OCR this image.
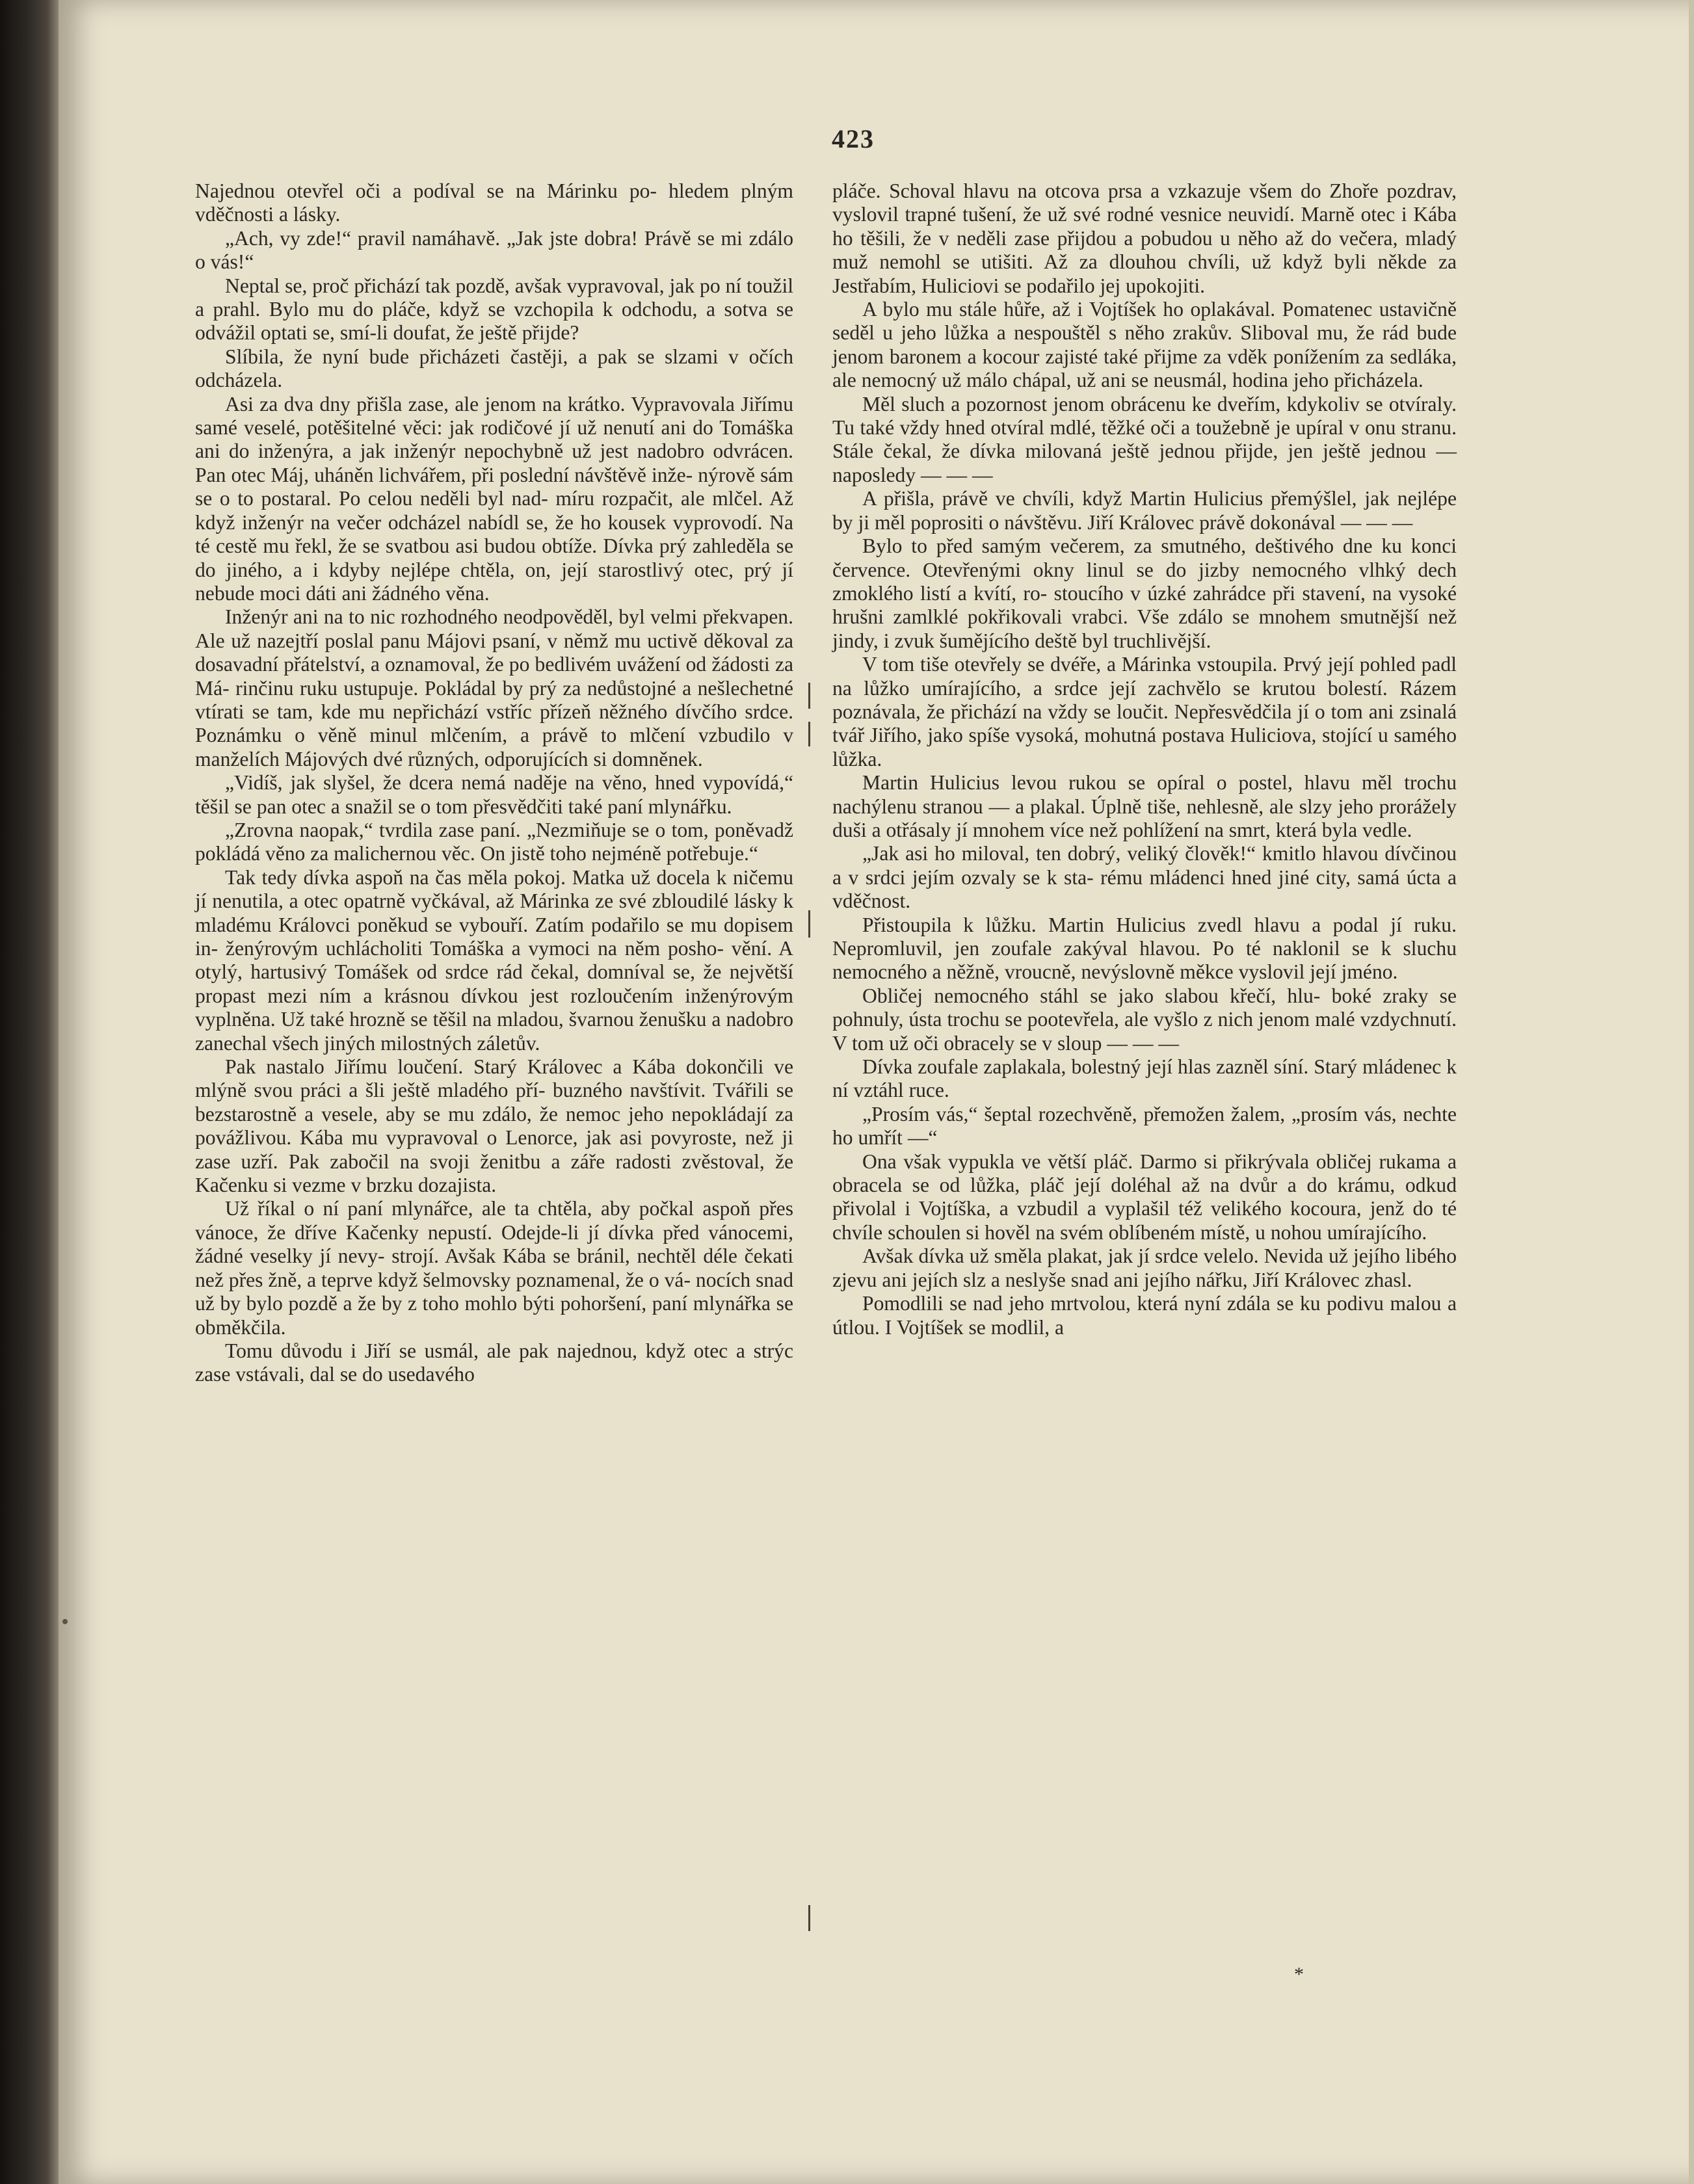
423

Najednou otevřel oči a podíval se na Márinku po- hledem plným vděčnosti a lásky.

„Ach, vy zde!“ pravil namáhavě. „Jak jste dobra! Právě se mi zdálo o vás!“

Neptal se, proč přichází tak pozdě, avšak vypravoval, jak po ní toužil a prahl. Bylo mu do pláče, když se vzchopila k odchodu, a sotva se odvážil optati se, smí-li doufat, že ještě přijde?

Slíbila, že nyní bude přicházeti častěji, a pak se slzami v očích odcházela.

Asi za dva dny přišla zase, ale jenom na krátko. Vypravovala Jiřímu samé veselé, potěšitelné věci: jak rodičové jí už nenutí ani do Tomáška ani do inženýra, a jak inženýr nepochybně už jest nadobro odvrácen. Pan otec Máj, uháněn lichvářem, při poslední návštěvě inže- nýrově sám se o to postaral. Po celou neděli byl nad- míru rozpačit, ale mlčel. Až když inženýr na večer odcházel nabídl se, že ho kousek vyprovodí. Na té cestě mu řekl, že se svatbou asi budou obtíže. Dívka prý zahleděla se do jiného, a i kdyby nejlépe chtěla, on, její starostlivý otec, prý jí nebude moci dáti ani žádného věna.

Inženýr ani na to nic rozhodného neodpověděl, byl velmi překvapen. Ale už nazejtří poslal panu Májovi psaní, v němž mu uctivě děkoval za dosavadní přátelství, a oznamoval, že po bedlivém uvážení od žádosti za Má- rinčinu ruku ustupuje. Pokládal by prý za nedůstojné a nešlechetné vtírati se tam, kde mu nepřichází vstříc přízeň něžného dívčího srdce. Poznámku o věně minul mlčením, a právě to mlčení vzbudilo v manželích Májových dvé různých, odporujících si domněnek.

„Vidíš, jak slyšel, že dcera nemá naděje na věno, hned vypovídá,“ těšil se pan otec a snažil se o tom přesvědčiti také paní mlynářku.

„Zrovna naopak,“ tvrdila zase paní. „Nezmiňuje se o tom, poněvadž pokládá věno za malichernou věc. On jistě toho nejméně potřebuje.“

Tak tedy dívka aspoň na čas měla pokoj. Matka už docela k ničemu jí nenutila, a otec opatrně vyčkával, až Márinka ze své zbloudilé lásky k mladému Královci poněkud se vybouří. Zatím podařilo se mu dopisem in- ženýrovým uchlácholiti Tomáška a vymoci na něm posho- vění. A otylý, hartusivý Tomášek od srdce rád čekal, domníval se, že největší propast mezi ním a krásnou dívkou jest rozloučením inženýrovým vyplněna. Už také hrozně se těšil na mladou, švarnou ženušku a nadobro zanechal všech jiných milostných záletův.

Pak nastalo Jiřímu loučení. Starý Královec a Kába dokončili ve mlýně svou práci a šli ještě mladého pří- buzného navštívit. Tvářili se bezstarostně a vesele, aby se mu zdálo, že nemoc jeho nepokládají za povážlivou. Kába mu vypravoval o Lenorce, jak asi povyroste, než ji zase uzří. Pak zabočil na svoji ženitbu a záře radosti zvěstoval, že Kačenku si vezme v brzku dozajista.

Už říkal o ní paní mlynářce, ale ta chtěla, aby počkal aspoň přes vánoce, že dříve Kačenky nepustí. Odejde-li jí dívka před vánocemi, žádné veselky jí nevy- strojí. Avšak Kába se bránil, nechtěl déle čekati než přes žně, a teprve když šelmovsky poznamenal, že o vá- nocích snad už by bylo pozdě a že by z toho mohlo býti pohoršení, paní mlynářka se obměkčila.

Tomu důvodu i Jiří se usmál, ale pak najednou, když otec a strýc zase vstávali, dal se do usedavého

pláče. Schoval hlavu na otcova prsa a vzkazuje všem do Zhoře pozdrav, vyslovil trapné tušení, že už své rodné vesnice neuvidí. Marně otec i Kába ho těšili, že v neděli zase přijdou a pobudou u něho až do večera, mladý muž nemohl se utišiti. Až za dlouhou chvíli, už když byli někde za Jestřabím, Huliciovi se podařilo jej upokojiti.

A bylo mu stále hůře, až i Vojtíšek ho oplakával. Pomatenec ustavičně seděl u jeho lůžka a nespouštěl s něho zrakův. Sliboval mu, že rád bude jenom baronem a kocour zajisté také přijme za vděk ponížením za sedláka, ale nemocný už málo chápal, už ani se neusmál, hodina jeho přicházela.

Měl sluch a pozornost jenom obrácenu ke dveřím, kdykoliv se otvíraly. Tu také vždy hned otvíral mdlé, těžké oči a toužebně je upíral v onu stranu. Stále čekal, že dívka milovaná ještě jednou přijde, jen ještě jednou — naposledy — — —

A přišla, právě ve chvíli, když Martin Hulicius přemýšlel, jak nejlépe by ji měl poprositi o návštěvu. Jiří Královec právě dokonával — — —

Bylo to před samým večerem, za smutného, deštivého dne ku konci července. Otevřenými okny linul se do jizby nemocného vlhký dech zmoklého listí a kvítí, ro- stoucího v úzké zahrádce při stavení, na vysoké hrušni zamlklé pokřikovali vrabci. Vše zdálo se mnohem smutnější než jindy, i zvuk šumějícího deště byl truchlivější.

V tom tiše otevřely se dvéře, a Márinka vstoupila. Prvý její pohled padl na lůžko umírajícího, a srdce její zachvělo se krutou bolestí. Rázem poznávala, že přichází na vždy se loučit. Nepřesvědčila jí o tom ani zsinalá tvář Jiřího, jako spíše vysoká, mohutná postava Huliciova, stojící u samého lůžka.

Martin Hulicius levou rukou se opíral o postel, hlavu měl trochu nachýlenu stranou — a plakal. Úplně tiše, nehlesně, ale slzy jeho prorážely duši a otřásaly jí mnohem více než pohlížení na smrt, která byla vedle.

„Jak asi ho miloval, ten dobrý, veliký člověk!“ kmitlo hlavou dívčinou a v srdci jejím ozvaly se k sta- rému mládenci hned jiné city, samá úcta a vděčnost.

Přistoupila k lůžku. Martin Hulicius zvedl hlavu a podal jí ruku. Nepromluvil, jen zoufale zakýval hlavou. Po té naklonil se k sluchu nemocného a něžně, vroucně, nevýslovně měkce vyslovil její jméno.

Obličej nemocného stáhl se jako slabou křečí, hlu- boké zraky se pohnuly, ústa trochu se pootevřela, ale vyšlo z nich jenom malé vzdychnutí. V tom už oči obracely se v sloup — — —

Dívka zoufale zaplakala, bolestný její hlas zazněl síní. Starý mládenec k ní vztáhl ruce.

„Prosím vás,“ šeptal rozechvěně, přemožen žalem, „prosím vás, nechte ho umřít —“

Ona však vypukla ve větší pláč. Darmo si přikrývala obličej rukama a obracela se od lůžka, pláč její doléhal až na dvůr a do krámu, odkud přivolal i Vojtíška, a vzbudil a vyplašil též velikého kocoura, jenž do té chvíle schoulen si hověl na svém oblíbeném místě, u nohou umírajícího.

Avšak dívka už směla plakat, jak jí srdce velelo. Nevida už jejího libého zjevu ani jejích slz a neslyše snad ani jejího nářku, Jiří Královec zhasl.

Pomodlili se nad jeho mrtvolou, která nyní zdála se ku podivu malou a útlou. I Vojtíšek se modlil, a

*
